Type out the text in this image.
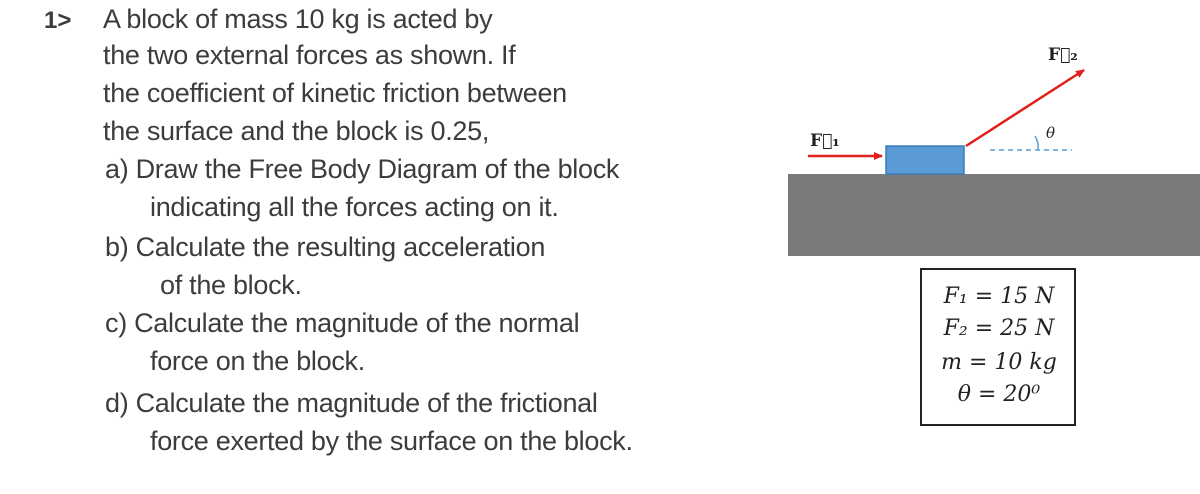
1> A block of mass 10 kg is acted by
the two external forces as shown. If
the coefficient of kinetic friction between
the surface and the block is 0.25,
a) Draw the Free Body Diagram of the block
indicating all the forces acting on it.
b) Calculate the resulting acceleration
of the block.
c) Calculate the magnitude of the normal
force on the block.
d) Calculate the magnitude of the frictional
force exerted by the surface on the block.
F⃗₁
F⃗₂
θ
F₁ = 15 N
F₂ = 25 N
m = 10 kg
θ = 20⁰
